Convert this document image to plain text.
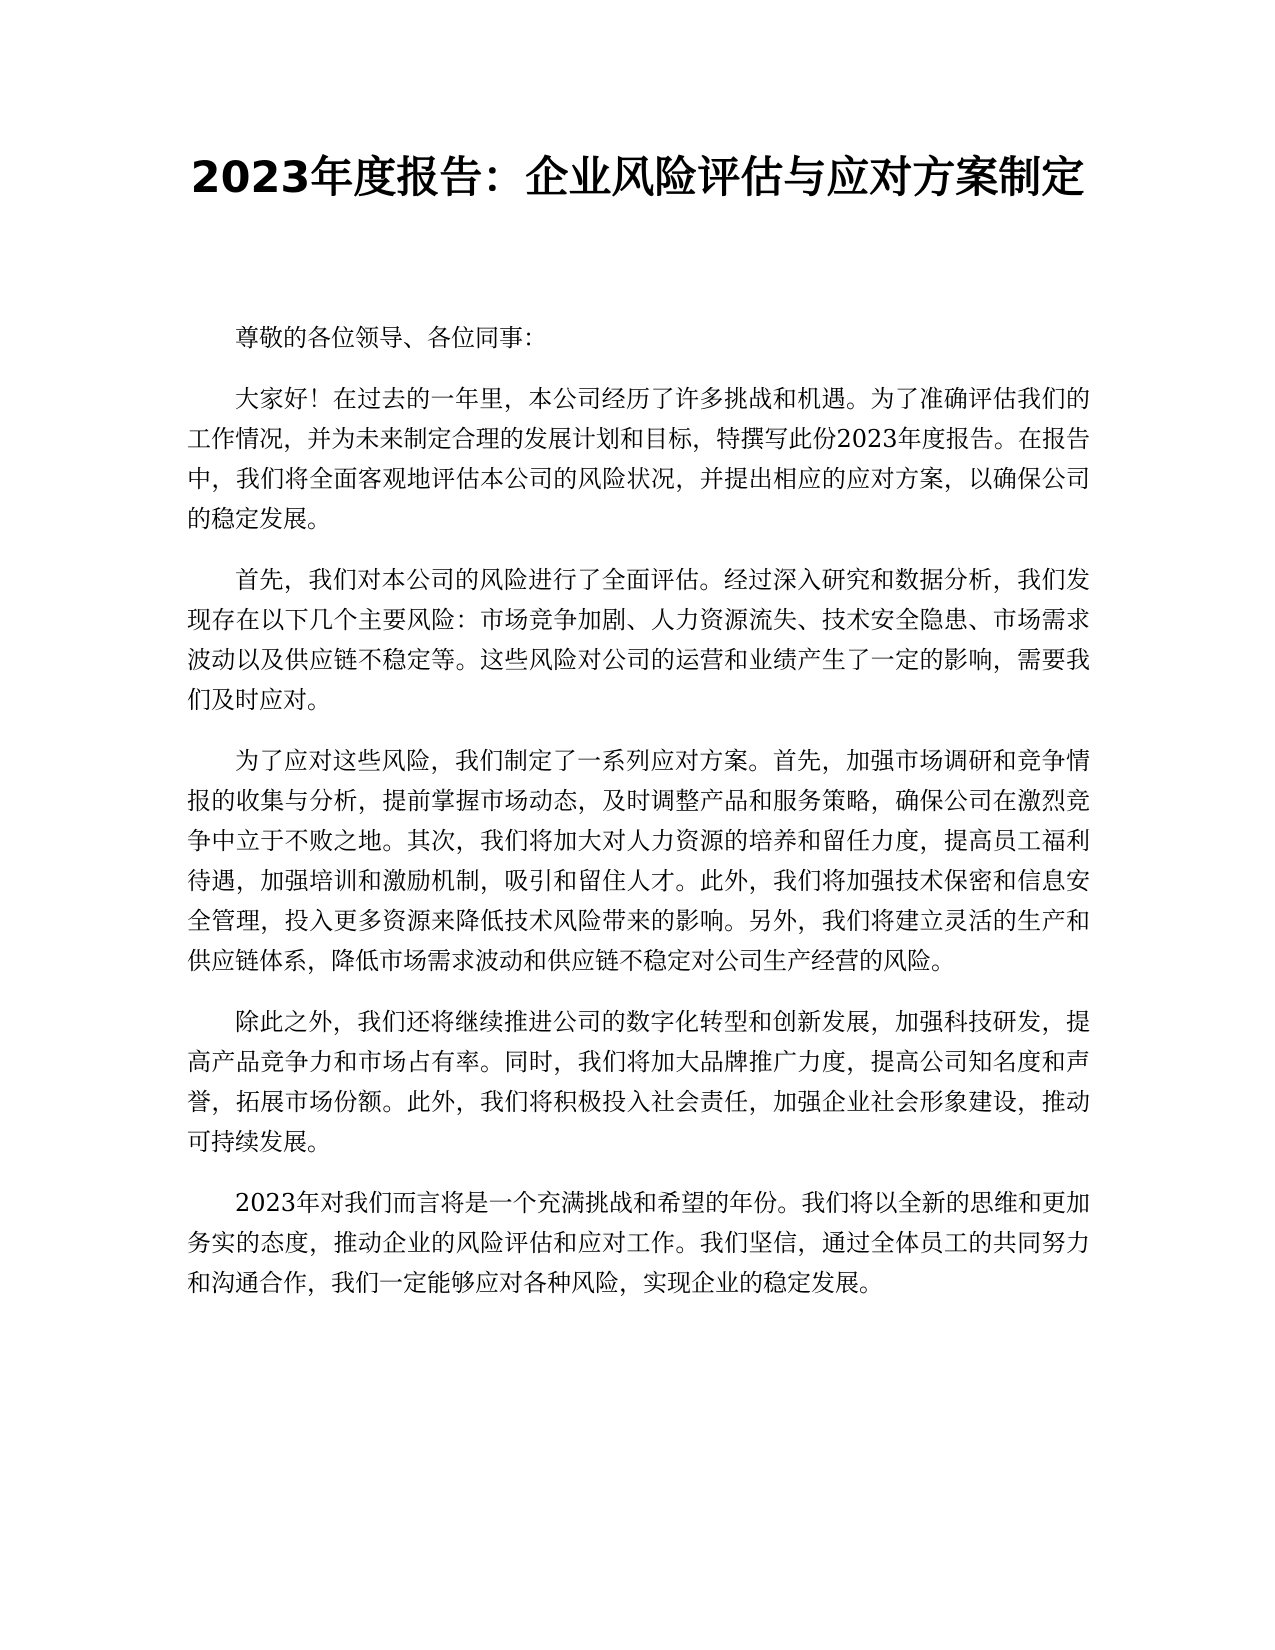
2023年度报告：企业风险评估与应对方案制定

尊敬的各位领导、各位同事：

大家好！在过去的一年里，本公司经历了许多挑战和机遇。为了准确评估我们的工作情况，并为未来制定合理的发展计划和目标，特撰写此份2023年度报告。在报告中，我们将全面客观地评估本公司的风险状况，并提出相应的应对方案，以确保公司的稳定发展。

首先，我们对本公司的风险进行了全面评估。经过深入研究和数据分析，我们发现存在以下几个主要风险：市场竞争加剧、人力资源流失、技术安全隐患、市场需求波动以及供应链不稳定等。这些风险对公司的运营和业绩产生了一定的影响，需要我们及时应对。

为了应对这些风险，我们制定了一系列应对方案。首先，加强市场调研和竞争情报的收集与分析，提前掌握市场动态，及时调整产品和服务策略，确保公司在激烈竞争中立于不败之地。其次，我们将加大对人力资源的培养和留任力度，提高员工福利待遇，加强培训和激励机制，吸引和留住人才。此外，我们将加强技术保密和信息安全管理，投入更多资源来降低技术风险带来的影响。另外，我们将建立灵活的生产和供应链体系，降低市场需求波动和供应链不稳定对公司生产经营的风险。

除此之外，我们还将继续推进公司的数字化转型和创新发展，加强科技研发，提高产品竞争力和市场占有率。同时，我们将加大品牌推广力度，提高公司知名度和声誉，拓展市场份额。此外，我们将积极投入社会责任，加强企业社会形象建设，推动可持续发展。

2023年对我们而言将是一个充满挑战和希望的年份。我们将以全新的思维和更加务实的态度，推动企业的风险评估和应对工作。我们坚信，通过全体员工的共同努力和沟通合作，我们一定能够应对各种风险，实现企业的稳定发展。
